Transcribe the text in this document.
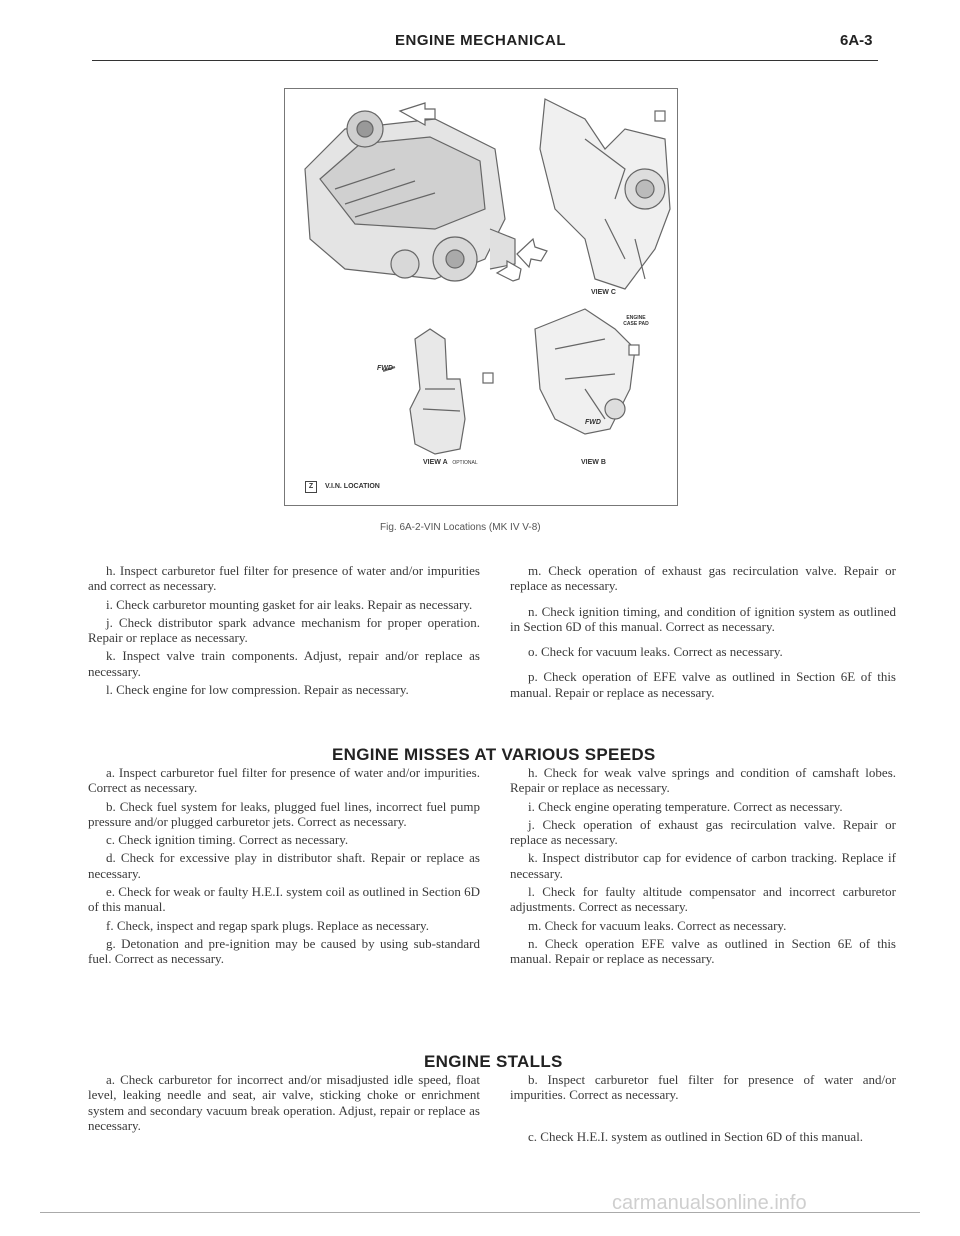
ENGINE MECHANICAL	6A-3
VIEW C
ENGINE CASE PAD
FWD
FWD
VIEW A OPTIONAL	VIEW B
Z V.I.N. LOCATION
Fig. 6A-2-VIN Locations (MK IV V-8)

h. Inspect carburetor fuel filter for presence of water and/or impurities and correct as necessary.

i. Check carburetor mounting gasket for air leaks. Repair as necessary.

j. Check distributor spark advance mechanism for proper operation. Repair or replace as necessary.

k. Inspect valve train components. Adjust, repair and/or replace as necessary.

l. Check engine for low compression. Repair as necessary.

m. Check operation of exhaust gas recirculation valve. Repair or replace as necessary.

n. Check ignition timing, and condition of ignition system as outlined in Section 6D of this manual. Correct as necessary.

o. Check for vacuum leaks. Correct as necessary.

p. Check operation of EFE valve as outlined in Section 6E of this manual. Repair or replace as necessary.

ENGINE MISSES AT VARIOUS SPEEDS

a. Inspect carburetor fuel filter for presence of water and/or impurities. Correct as necessary.

b. Check fuel system for leaks, plugged fuel lines, incorrect fuel pump pressure and/or plugged carburetor jets. Correct as necessary.

c. Check ignition timing. Correct as necessary.

d. Check for excessive play in distributor shaft. Repair or replace as necessary.

e. Check for weak or faulty H.E.I. system coil as outlined in Section 6D of this manual.

f. Check, inspect and regap spark plugs. Replace as necessary.

g. Detonation and pre-ignition may be caused by using sub-standard fuel. Correct as necessary.

h. Check for weak valve springs and condition of camshaft lobes. Repair or replace as necessary.

i. Check engine operating temperature. Correct as necessary.

j. Check operation of exhaust gas recirculation valve. Repair or replace as necessary.

k. Inspect distributor cap for evidence of carbon tracking. Replace if necessary.

l. Check for faulty altitude compensator and incorrect carburetor adjustments. Correct as necessary.

m. Check for vacuum leaks. Correct as necessary.

n. Check operation EFE valve as outlined in Section 6E of this manual. Repair or replace as necessary.

ENGINE STALLS

a. Check carburetor for incorrect and/or misadjusted idle speed, float level, leaking needle and seat, air valve, sticking choke or enrichment system and secondary vacuum break operation. Adjust, repair or replace as necessary.

b. Inspect carburetor fuel filter for presence of water and/or impurities. Correct as necessary.

c. Check H.E.I. system as outlined in Section 6D of this manual.

carmanualsonline.info
